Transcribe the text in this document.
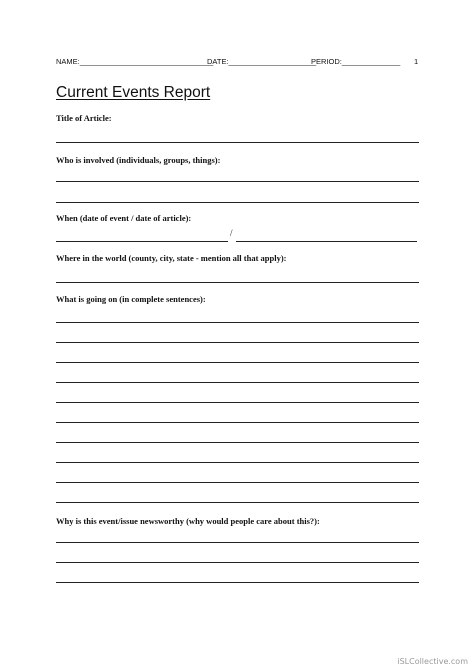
NAME:________________________________
DATE:_____________________
PERIOD:______________ 1
Current Events Report
Title of Article:
Who is involved (individuals, groups, things):
When (date of event / date of article):
/
Where in the world (county, city, state - mention all that apply):
What is going on (in complete sentences):
Why is this event/issue newsworthy (why would people care about this?):
iSLCollective.com
